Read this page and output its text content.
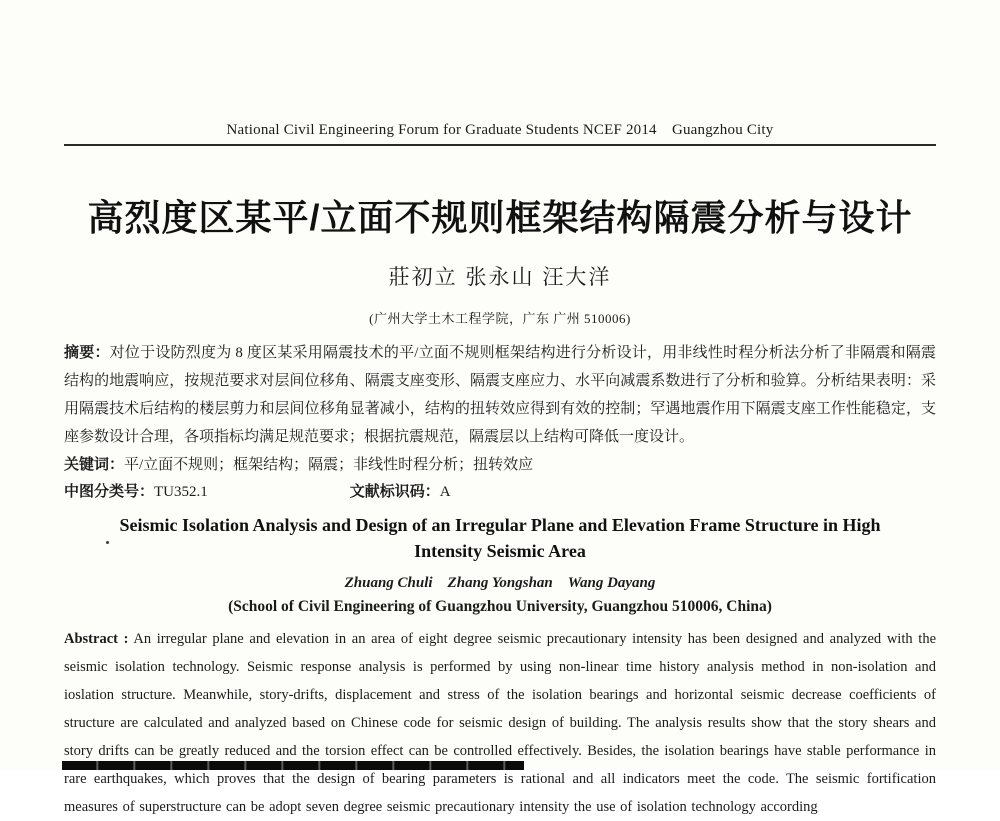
National Civil Engineering Forum for Graduate Students NCEF 2014　Guangzhou City
高烈度区某平/立面不规则框架结构隔震分析与设计
莊初立 张永山 汪大洋
(广州大学土木工程学院，广东 广州 510006)

摘要：对位于设防烈度为 8 度区某采用隔震技术的平/立面不规则框架结构进行分析设计，用非线性时程分析法分析了非隔震和隔震结构的地震响应，按规范要求对层间位移角、隔震支座变形、隔震支座应力、水平向减震系数进行了分析和验算。分析结果表明：采用隔震技术后结构的楼层剪力和层间位移角显著减小，结构的扭转效应得到有效的控制；罕遇地震作用下隔震支座工作性能稳定，支座参数设计合理，各项指标均满足规范要求；根据抗震规范，隔震层以上结构可降低一度设计。

关键词：平/立面不规则；框架结构；隔震；非线性时程分析；扭转效应

中图分类号：TU352.1	文献标识码：A

Seismic Isolation Analysis and Design of an Irregular Plane and Elevation Frame Structure in High Intensity Seismic Area
Zhuang Chuli　Zhang Yongshan　Wang Dayang
(School of Civil Engineering of Guangzhou University, Guangzhou 510006, China)

Abstract : An irregular plane and elevation in an area of eight degree seismic precautionary intensity has been designed and analyzed with the seismic isolation technology. Seismic response analysis is performed by using non-linear time history analysis method in non-isolation and ioslation structure. Meanwhile, story-drifts, displacement and stress of the isolation bearings and horizontal seismic decrease coefficients of structure are calculated and analyzed based on Chinese code for seismic design of building. The analysis results show that the story shears and story drifts can be greatly reduced and the torsion effect can be controlled effectively. Besides, the isolation bearings have stable performance in rare earthquakes, which proves that the design of bearing parameters is rational and all indicators meet the code. The seismic fortification measures of superstructure can be adopt seven degree seismic precautionary intensity the use of isolation technology according
